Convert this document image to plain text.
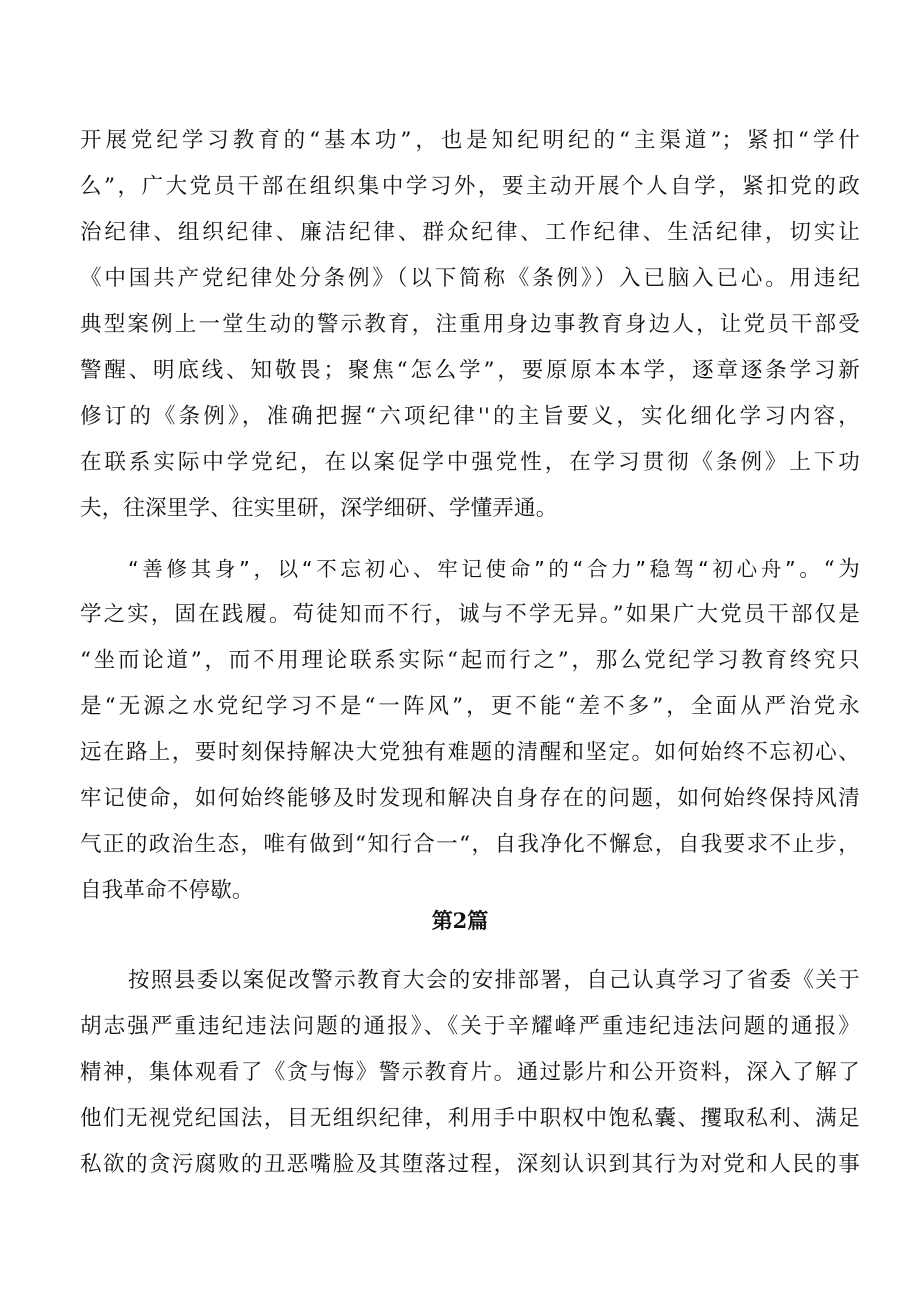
开展党纪学习教育的“基本功”，也是知纪明纪的“主渠道”；紧扣“学什
么”，广大党员干部在组织集中学习外，要主动开展个人自学，紧扣党的政
治纪律、组织纪律、廉洁纪律、群众纪律、工作纪律、生活纪律，切实让
《中国共产党纪律处分条例》（以下简称《条例》）入已脑入已心。用违纪
典型案例上一堂生动的警示教育，注重用身边事教育身边人，让党员干部受
警醒、明底线、知敬畏；聚焦“怎么学”，要原原本本学，逐章逐条学习新
修订的《条例》，准确把握“六项纪律''的主旨要义，实化细化学习内容，
在联系实际中学党纪，在以案促学中强党性，在学习贯彻《条例》上下功
夫，往深里学、往实里研，深学细研、学懂弄通。
“善修其身”，以“不忘初心、牢记使命”的“合力”稳驾“初心舟”。“为
学之实，固在践履。苟徒知而不行，诚与不学无异。”如果广大党员干部仅是
“坐而论道”，而不用理论联系实际“起而行之”，那么党纪学习教育终究只
是“无源之水党纪学习不是“一阵风”，更不能“差不多”，全面从严治党永
远在路上，要时刻保持解决大党独有难题的清醒和坚定。如何始终不忘初心、
牢记使命，如何始终能够及时发现和解决自身存在的问题，如何始终保持风清
气正的政治生态，唯有做到“知行合一“，自我净化不懈怠，自我要求不止步，
自我革命不停歇。
第2篇
按照县委以案促改警示教育大会的安排部署，自己认真学习了省委《关于
胡志强严重违纪违法问题的通报》、《关于辛耀峰严重违纪违法问题的通报》
精神，集体观看了《贪与悔》警示教育片。通过影片和公开资料，深入了解了
他们无视党纪国法，目无组织纪律，利用手中职权中饱私囊、攫取私利、满足
私欲的贪污腐败的丑恶嘴脸及其堕落过程，深刻认识到其行为对党和人民的事
